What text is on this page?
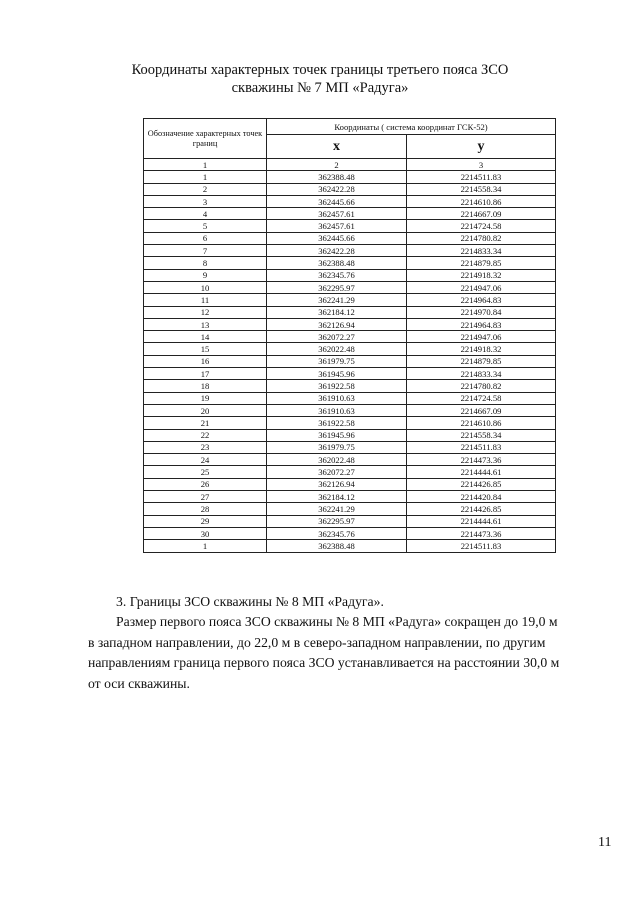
Координаты характерных точек границы третьего пояса ЗСО
скважины № 7 МП «Радуга»
Обозначение характерных точек границ	Координаты ( система координат ГСК-52)	
	x	y
1	2	3
1	362388.48	2214511.83
2	362422.28	2214558.34
3	362445.66	2214610.86
4	362457.61	2214667.09
5	362457.61	2214724.58
6	362445.66	2214780.82
7	362422.28	2214833.34
8	362388.48	2214879.85
9	362345.76	2214918.32
10	362295.97	2214947.06
11	362241.29	2214964.83
12	362184.12	2214970.84
13	362126.94	2214964.83
14	362072.27	2214947.06
15	362022.48	2214918.32
16	361979.75	2214879.85
17	361945.96	2214833.34
18	361922.58	2214780.82
19	361910.63	2214724.58
20	361910.63	2214667.09
21	361922.58	2214610.86
22	361945.96	2214558.34
23	361979.75	2214511.83
24	362022.48	2214473.36
25	362072.27	2214444.61
26	362126.94	2214426.85
27	362184.12	2214420.84
28	362241.29	2214426.85
29	362295.97	2214444.61
30	362345.76	2214473.36
1	362388.48	2214511.83
3. Границы ЗСО скважины № 8 МП «Радуга».
Размер первого пояса ЗСО скважины № 8 МП «Радуга» сокращен до 19,0 м
в западном направлении, до 22,0 м в северо-западном направлении, по другим
направлениям граница первого пояса ЗСО устанавливается на расстоянии 30,0 м
от оси скважины.
11
